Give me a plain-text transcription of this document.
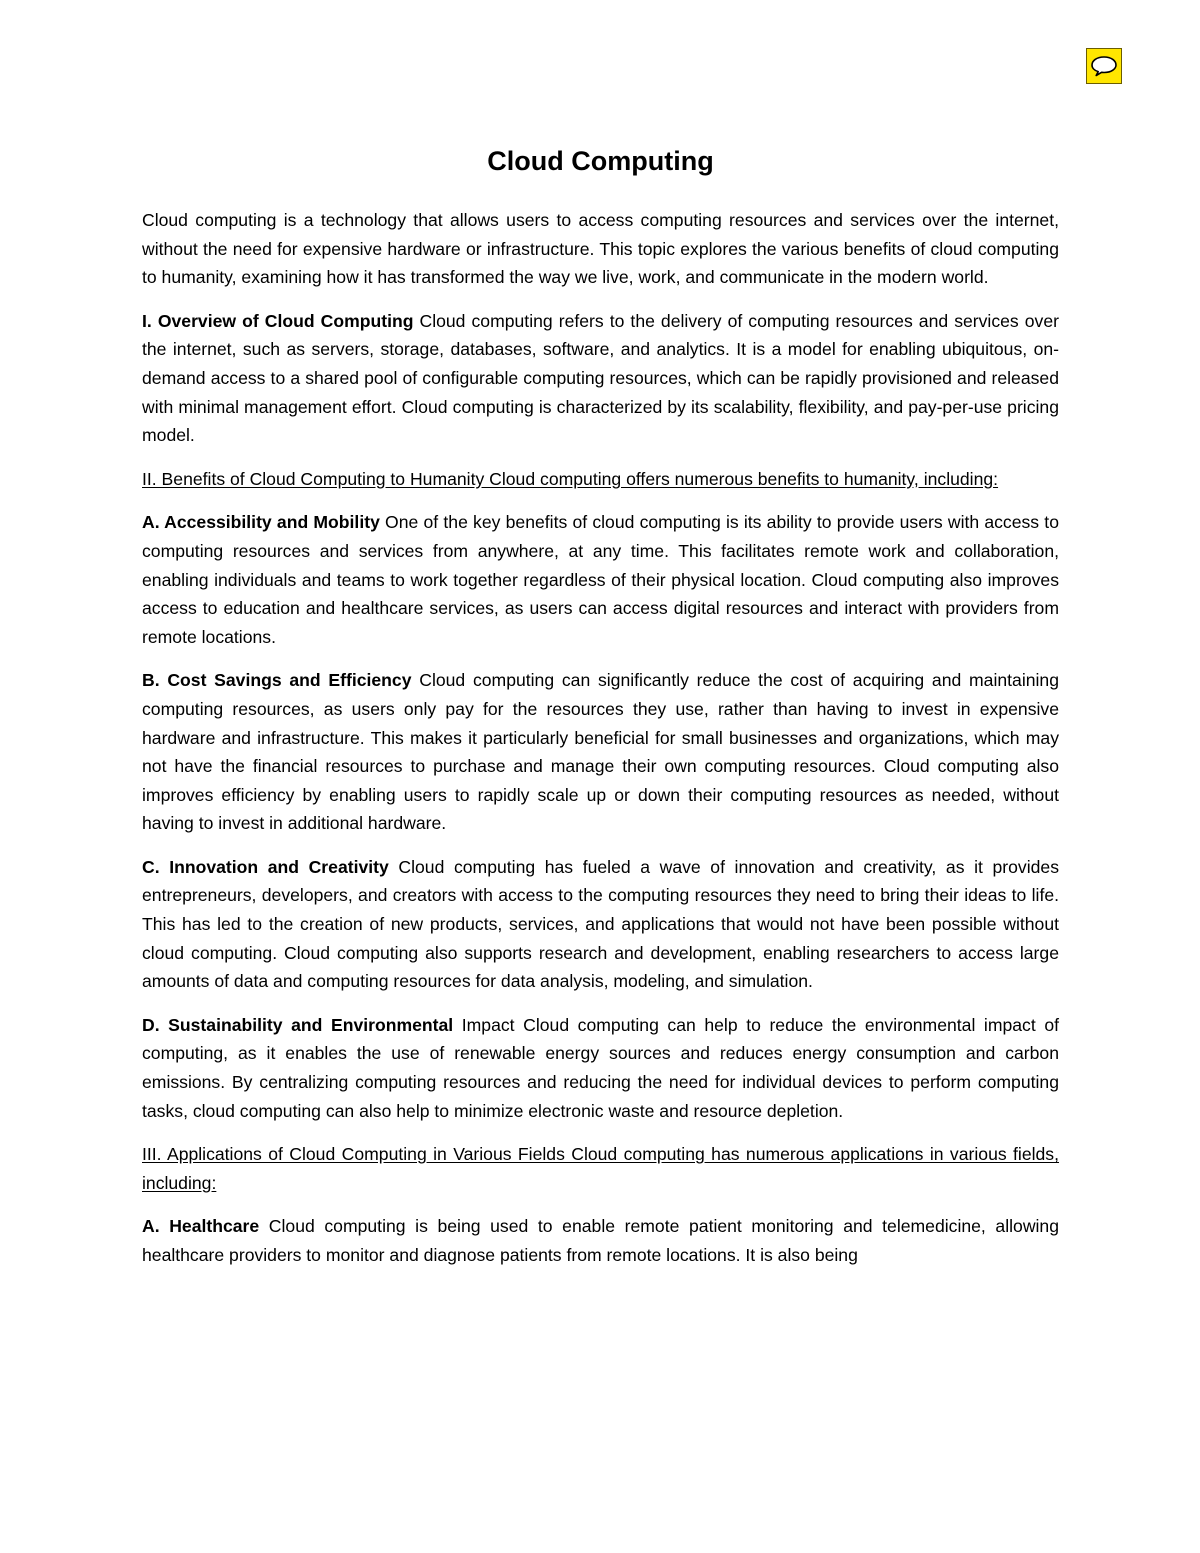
Cloud Computing

Cloud computing is a technology that allows users to access computing resources and services over the internet, without the need for expensive hardware or infrastructure. This topic explores the various benefits of cloud computing to humanity, examining how it has transformed the way we live, work, and communicate in the modern world.

I. Overview of Cloud Computing Cloud computing refers to the delivery of computing resources and services over the internet, such as servers, storage, databases, software, and analytics. It is a model for enabling ubiquitous, on-demand access to a shared pool of configurable computing resources, which can be rapidly provisioned and released with minimal management effort. Cloud computing is characterized by its scalability, flexibility, and pay-per-use pricing model.

II. Benefits of Cloud Computing to Humanity Cloud computing offers numerous benefits to humanity, including:

A. Accessibility and Mobility One of the key benefits of cloud computing is its ability to provide users with access to computing resources and services from anywhere, at any time. This facilitates remote work and collaboration, enabling individuals and teams to work together regardless of their physical location. Cloud computing also improves access to education and healthcare services, as users can access digital resources and interact with providers from remote locations.

B. Cost Savings and Efficiency Cloud computing can significantly reduce the cost of acquiring and maintaining computing resources, as users only pay for the resources they use, rather than having to invest in expensive hardware and infrastructure. This makes it particularly beneficial for small businesses and organizations, which may not have the financial resources to purchase and manage their own computing resources. Cloud computing also improves efficiency by enabling users to rapidly scale up or down their computing resources as needed, without having to invest in additional hardware.

C. Innovation and Creativity Cloud computing has fueled a wave of innovation and creativity, as it provides entrepreneurs, developers, and creators with access to the computing resources they need to bring their ideas to life. This has led to the creation of new products, services, and applications that would not have been possible without cloud computing. Cloud computing also supports research and development, enabling researchers to access large amounts of data and computing resources for data analysis, modeling, and simulation.

D. Sustainability and Environmental Impact Cloud computing can help to reduce the environmental impact of computing, as it enables the use of renewable energy sources and reduces energy consumption and carbon emissions. By centralizing computing resources and reducing the need for individual devices to perform computing tasks, cloud computing can also help to minimize electronic waste and resource depletion.

III. Applications of Cloud Computing in Various Fields Cloud computing has numerous applications in various fields, including:

A. Healthcare Cloud computing is being used to enable remote patient monitoring and telemedicine, allowing healthcare providers to monitor and diagnose patients from remote locations. It is also being
